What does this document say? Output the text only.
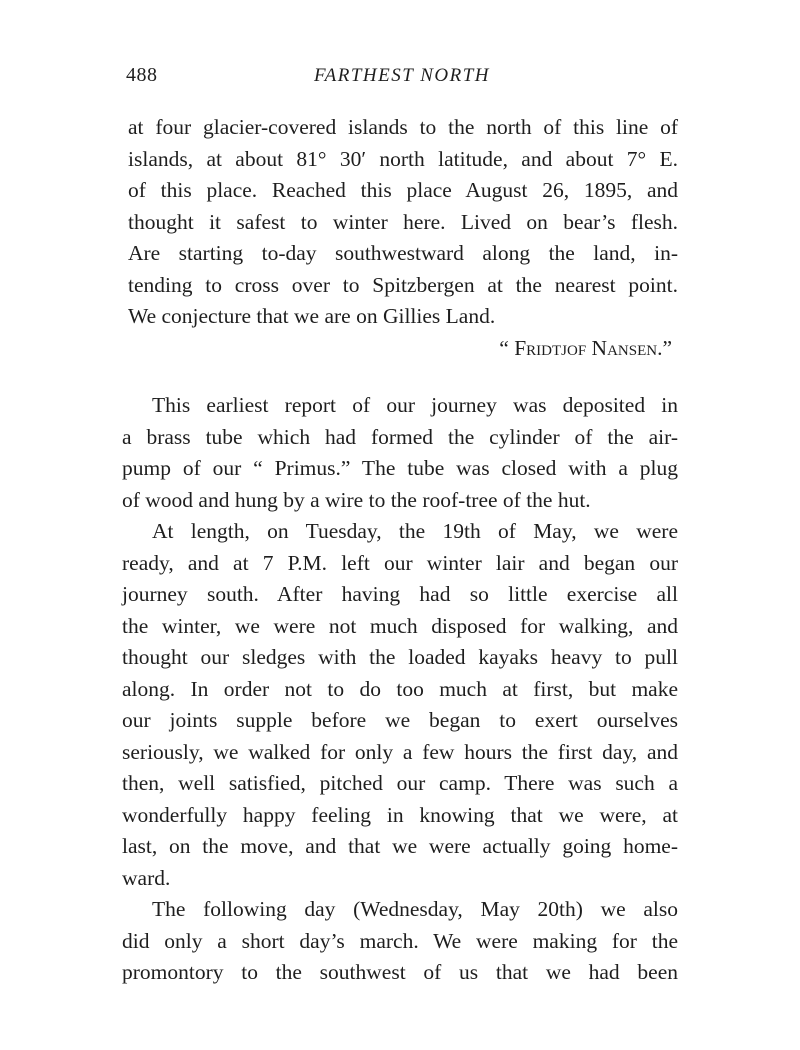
488	FARTHEST NORTH
at four glacier-covered islands to the north of this line of
islands, at about 81° 30′ north latitude, and about 7° E.
of this place. Reached this place August 26, 1895, and
thought it safest to winter here. Lived on bear’s flesh.
Are starting to-day southwestward along the land, in-
tending to cross over to Spitzbergen at the nearest point.
We conjecture that we are on Gillies Land.
“ Fridtjof Nansen.”
This earliest report of our journey was deposited in
a brass tube which had formed the cylinder of the air-
pump of our “ Primus.” The tube was closed with a plug
of wood and hung by a wire to the roof-tree of the hut.
At length, on Tuesday, the 19th of May, we were
ready, and at 7 P.M. left our winter lair and began our
journey south. After having had so little exercise all
the winter, we were not much disposed for walking, and
thought our sledges with the loaded kayaks heavy to pull
along. In order not to do too much at first, but make
our joints supple before we began to exert ourselves
seriously, we walked for only a few hours the first day, and
then, well satisfied, pitched our camp. There was such a
wonderfully happy feeling in knowing that we were, at
last, on the move, and that we were actually going home-
ward.
The following day (Wednesday, May 20th) we also
did only a short day’s march. We were making for the
promontory to the southwest of us that we had been
